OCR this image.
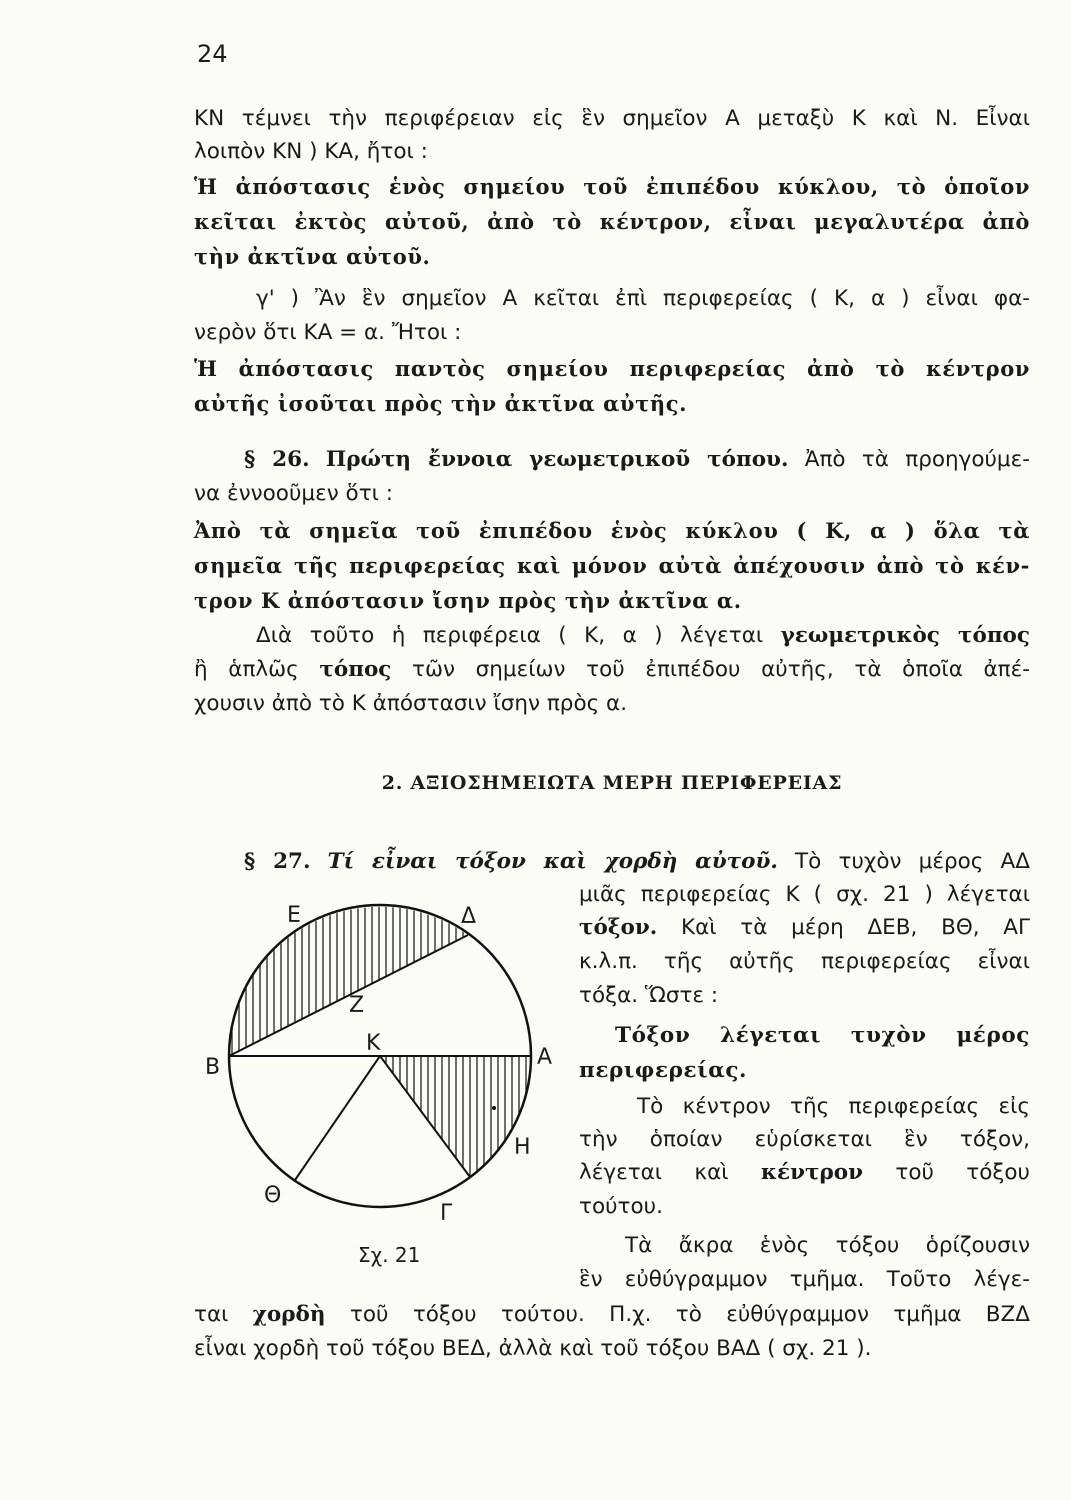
24
ΚΝ τέμνει τὴν περιφέρειαν εἰς ἓν σημεῖον Α μεταξὺ Κ καὶ Ν. Εἶναι
λοιπὸν ΚΝ ) ΚΑ, ἤτοι :
Ἡ ἀπόστασις ἑνὸς σημείου τοῦ ἐπιπέδου κύκλου, τὸ ὁποῖον
κεῖται ἐκτὸς αὐτοῦ, ἀπὸ τὸ κέντρον, εἶναι μεγαλυτέρα ἀπὸ
τὴν ἀκτῖνα αὐτοῦ.
γ' ) Ἂν ἓν σημεῖον Α κεῖται ἐπὶ περιφερείας ( Κ, α ) εἶναι φα-
νερὸν ὅτι ΚΑ = α. Ἤτοι :
Ἡ ἀπόστασις παντὸς σημείου περιφερείας ἀπὸ τὸ κέντρον
αὐτῆς ἰσοῦται πρὸς τὴν ἀκτῖνα αὐτῆς.
§ 26. Πρώτη ἔννοια γεωμετρικοῦ τόπου. Ἀπὸ τὰ προηγούμε-
να ἐννοοῦμεν ὅτι :
Ἀπὸ τὰ σημεῖα τοῦ ἐπιπέδου ἑνὸς κύκλου ( Κ, α ) ὅλα τὰ
σημεῖα τῆς περιφερείας καὶ μόνον αὐτὰ ἀπέχουσιν ἀπὸ τὸ κέν-
τρον Κ ἀπόστασιν ἴσην πρὸς τὴν ἀκτῖνα α.
Διὰ τοῦτο ἡ περιφέρεια ( Κ, α ) λέγεται γεωμετρικὸς τόπος
ἢ ἁπλῶς τόπος τῶν σημείων τοῦ ἐπιπέδου αὐτῆς, τὰ ὁποῖα ἀπέ-
χουσιν ἀπὸ τὸ Κ ἀπόστασιν ἴσην πρὸς α.
2. ΑΞΙΟΣΗΜΕΙΩΤΑ ΜΕΡΗ ΠΕΡΙΦΕΡΕΙΑΣ
§ 27. Τί εἶναι τόξον καὶ χορδὴ αὐτοῦ. Τὸ τυχὸν μέρος ΑΔ
μιᾶς περιφερείας Κ ( σχ. 21 ) λέγεται
τόξον. Καὶ τὰ μέρη ΔΕΒ, ΒΘ, ΑΓ
κ.λ.π. τῆς αὐτῆς περιφερείας εἶναι
τόξα. Ὥστε :
Τόξον λέγεται τυχὸν μέρος
περιφερείας.
Τὸ κέντρον τῆς περιφερείας εἰς
τὴν ὁποίαν εὑρίσκεται ἓν τόξον,
λέγεται καὶ κέντρον τοῦ τόξου
τούτου.
Τὰ ἄκρα ἑνὸς τόξου ὁρίζουσιν
ἓν εὐθύγραμμον τμῆμα. Τοῦτο λέγε-
ται χορδὴ τοῦ τόξου τούτου. Π.χ. τὸ εὐθύγραμμον τμῆμα ΒΖΔ
εἶναι χορδὴ τοῦ τόξου ΒΕΔ, ἀλλὰ καὶ τοῦ τόξου ΒΑΔ ( σχ. 21 ).
Ε	Δ
Ζ
Κ
Β	Α
Η
Θ
Γ
Σχ. 21
